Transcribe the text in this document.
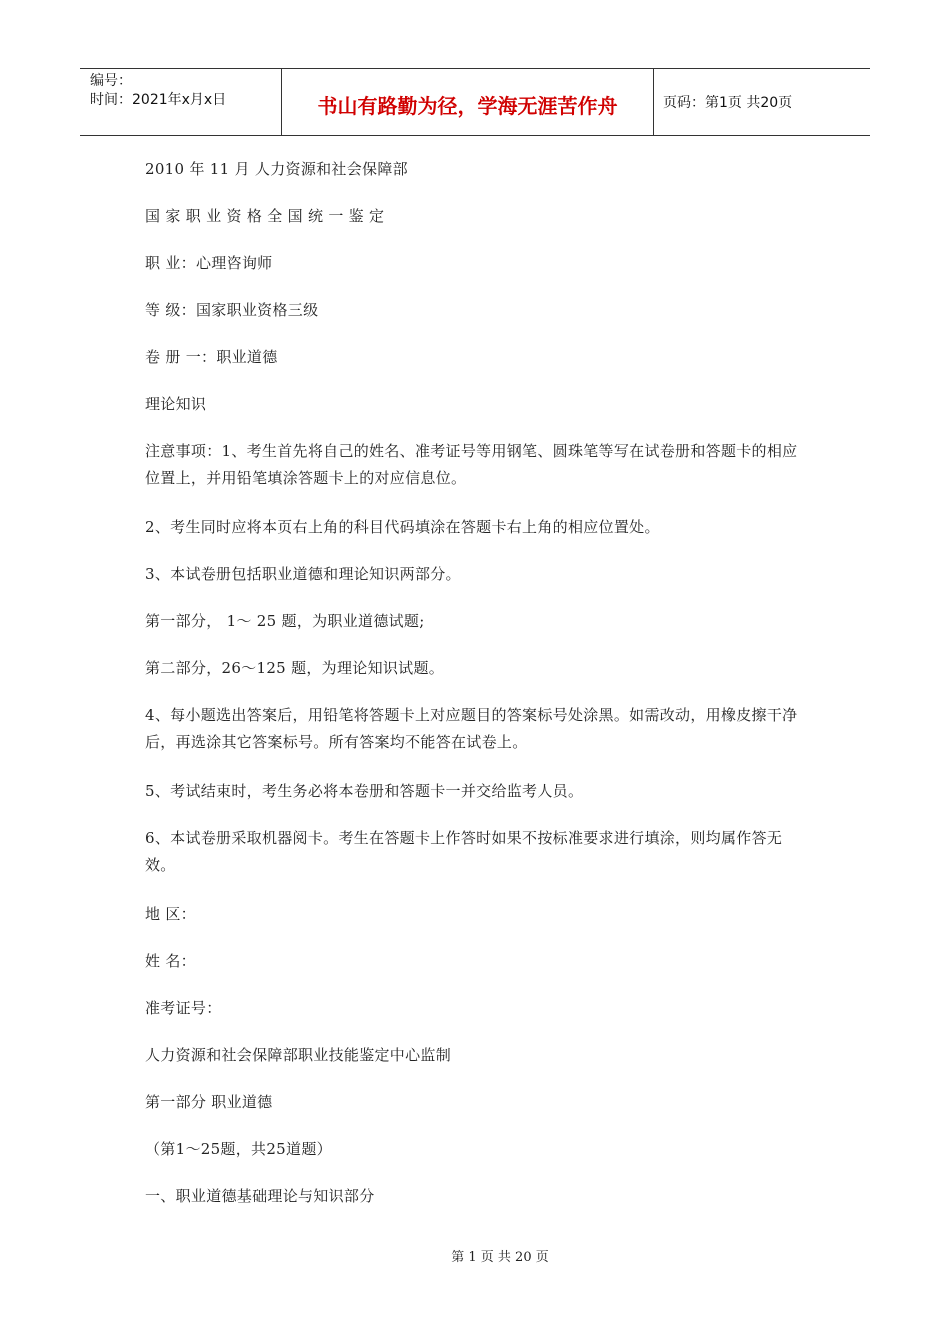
编号：
时间：2021年x月x日	书山有路勤为径，学海无涯苦作舟	页码：第1页 共20页

2010 年 11 月 人力资源和社会保障部

国 家 职 业 资 格 全 国 统 一 鉴 定

职 业：心理咨询师

等 级：国家职业资格三级

卷 册 一：职业道德

理论知识

注意事项：1、考生首先将自己的姓名、准考证号等用钢笔、圆珠笔等写在试卷册和答题卡的相应位置上，并用铅笔填涂答题卡上的对应信息位。

2、考生同时应将本页右上角的科目代码填涂在答题卡右上角的相应位置处。

3、本试卷册包括职业道德和理论知识两部分。

第一部分， 1～ 25 题，为职业道德试题;

第二部分，26～125 题，为理论知识试题。

4、每小题选出答案后，用铅笔将答题卡上对应题目的答案标号处涂黑。如需改动，用橡皮擦干净后，再选涂其它答案标号。所有答案均不能答在试卷上。

5、考试结束时，考生务必将本卷册和答题卡一并交给监考人员。

6、本试卷册采取机器阅卡。考生在答题卡上作答时如果不按标准要求进行填涂，则均属作答无效。

地 区：

姓 名：

准考证号：

人力资源和社会保障部职业技能鉴定中心监制

第一部分 职业道德

（第1～25题，共25道题）

一、职业道德基础理论与知识部分

第 1 页 共 20 页
